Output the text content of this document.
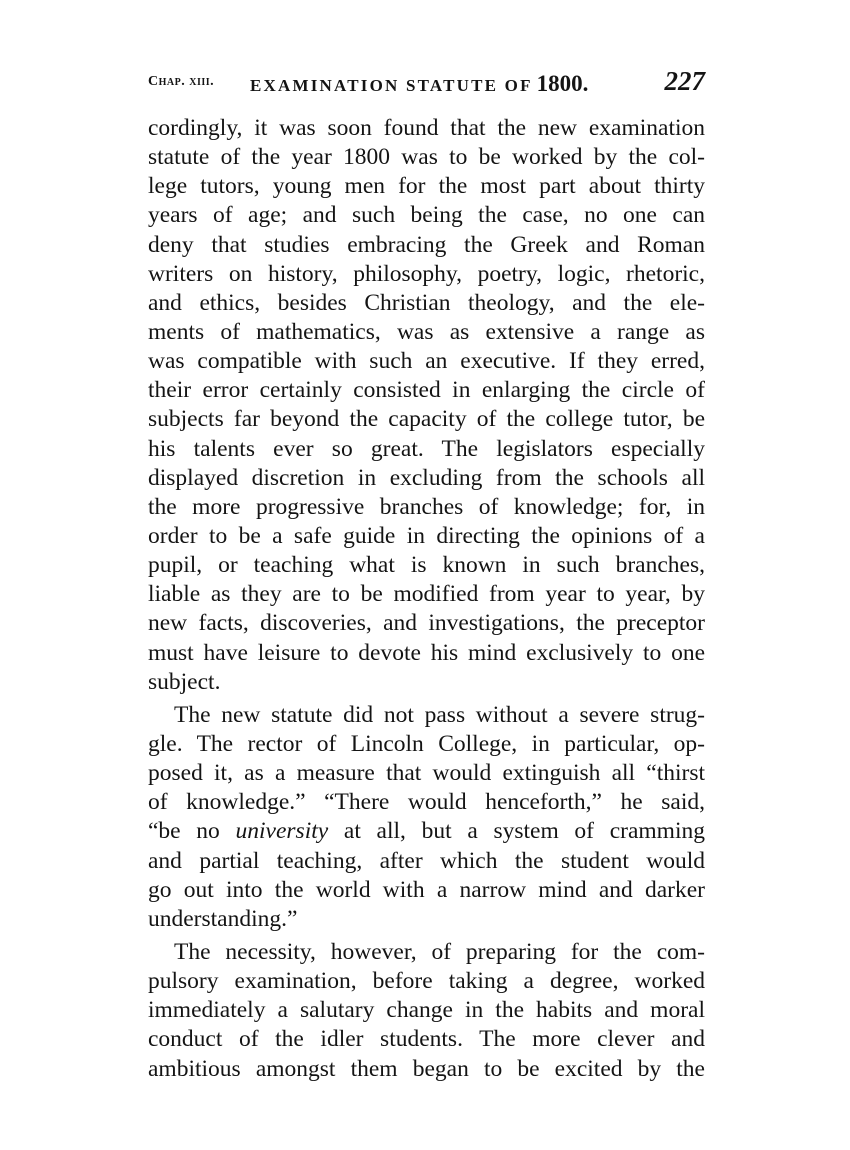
Chap. xiii. EXAMINATION STATUTE OF 1800.	227
cordingly, it was soon found that the new examination
statute of the year 1800 was to be worked by the col-
lege tutors, young men for the most part about thirty
years of age; and such being the case, no one can
deny that studies embracing the Greek and Roman
writers on history, philosophy, poetry, logic, rhetoric,
and ethics, besides Christian theology, and the ele-
ments of mathematics, was as extensive a range as
was compatible with such an executive. If they erred,
their error certainly consisted in enlarging the circle of
subjects far beyond the capacity of the college tutor, be
his talents ever so great. The legislators especially
displayed discretion in excluding from the schools all
the more progressive branches of knowledge; for, in
order to be a safe guide in directing the opinions of a
pupil, or teaching what is known in such branches,
liable as they are to be modified from year to year, by
new facts, discoveries, and investigations, the preceptor
must have leisure to devote his mind exclusively to one
subject.
The new statute did not pass without a severe strug-
gle. The rector of Lincoln College, in particular, op-
posed it, as a measure that would extinguish all “thirst
of knowledge.” “There would henceforth,” he said,
“be no university at all, but a system of cramming
and partial teaching, after which the student would
go out into the world with a narrow mind and darker
understanding.”
The necessity, however, of preparing for the com-
pulsory examination, before taking a degree, worked
immediately a salutary change in the habits and moral
conduct of the idler students. The more clever and
ambitious amongst them began to be excited by the
